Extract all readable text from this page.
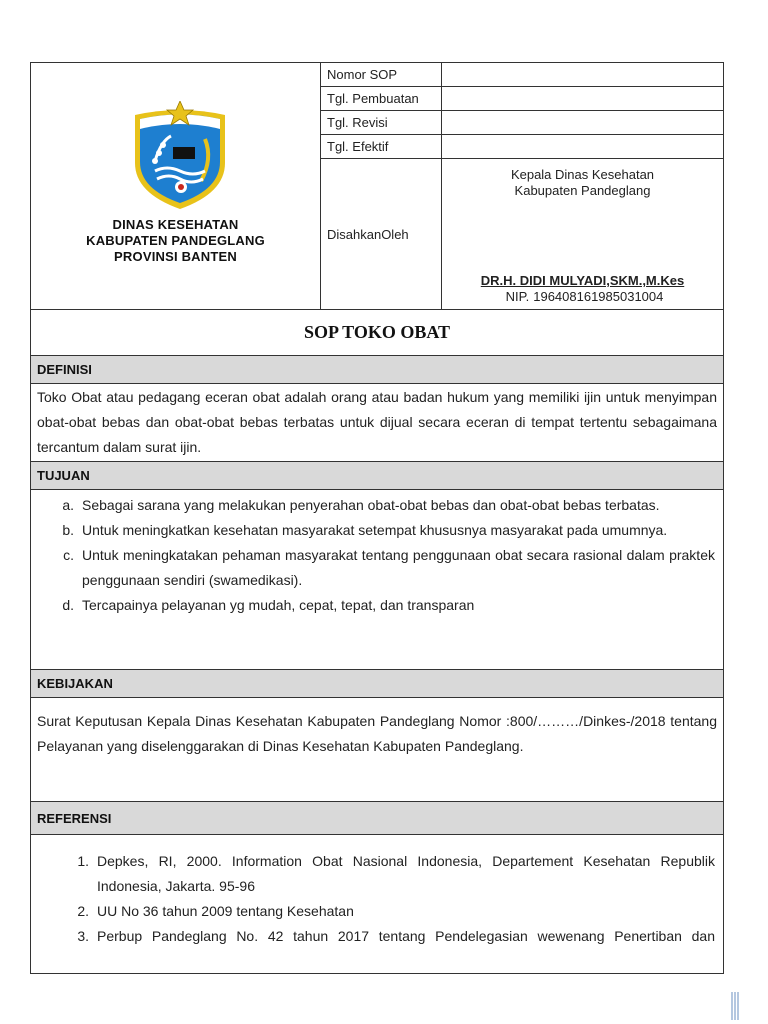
DINAS KESEHATAN
KABUPATEN PANDEGLANG
PROVINSI BANTEN
Nomor SOP
Tgl. Pembuatan
Tgl. Revisi
Tgl. Efektif
DisahkanOleh
Kepala Dinas Kesehatan
Kabupaten Pandeglang
DR.H. DIDI MULYADI,SKM.,M.Kes
NIP. 196408161985031004
SOP TOKO OBAT
DEFINISI
Toko Obat atau pedagang eceran obat adalah orang atau badan hukum yang memiliki ijin untuk menyimpan obat-obat bebas dan obat-obat bebas terbatas untuk dijual secara eceran di tempat tertentu sebagaimana tercantum dalam surat ijin.
TUJUAN
a. Sebagai sarana yang melakukan penyerahan obat-obat bebas dan obat-obat bebas terbatas.
b. Untuk meningkatkan kesehatan masyarakat setempat khususnya masyarakat pada umumnya.
c. Untuk meningkatakan pehaman masyarakat tentang penggunaan obat secara rasional dalam praktek penggunaan sendiri (swamedikasi).
d. Tercapainya pelayanan yg mudah, cepat, tepat, dan transparan
KEBIJAKAN
Surat Keputusan Kepala Dinas Kesehatan Kabupaten Pandeglang Nomor :800/………/Dinkes-/2018 tentang Pelayanan yang diselenggarakan di Dinas Kesehatan Kabupaten Pandeglang.
REFERENSI
1. Depkes, RI, 2000. Information Obat Nasional Indonesia, Departement Kesehatan Republik Indonesia, Jakarta. 95-96
2. UU No 36 tahun 2009 tentang Kesehatan
3. Perbup Pandeglang No. 42 tahun 2017 tentang Pendelegasian wewenang Penertiban dan
